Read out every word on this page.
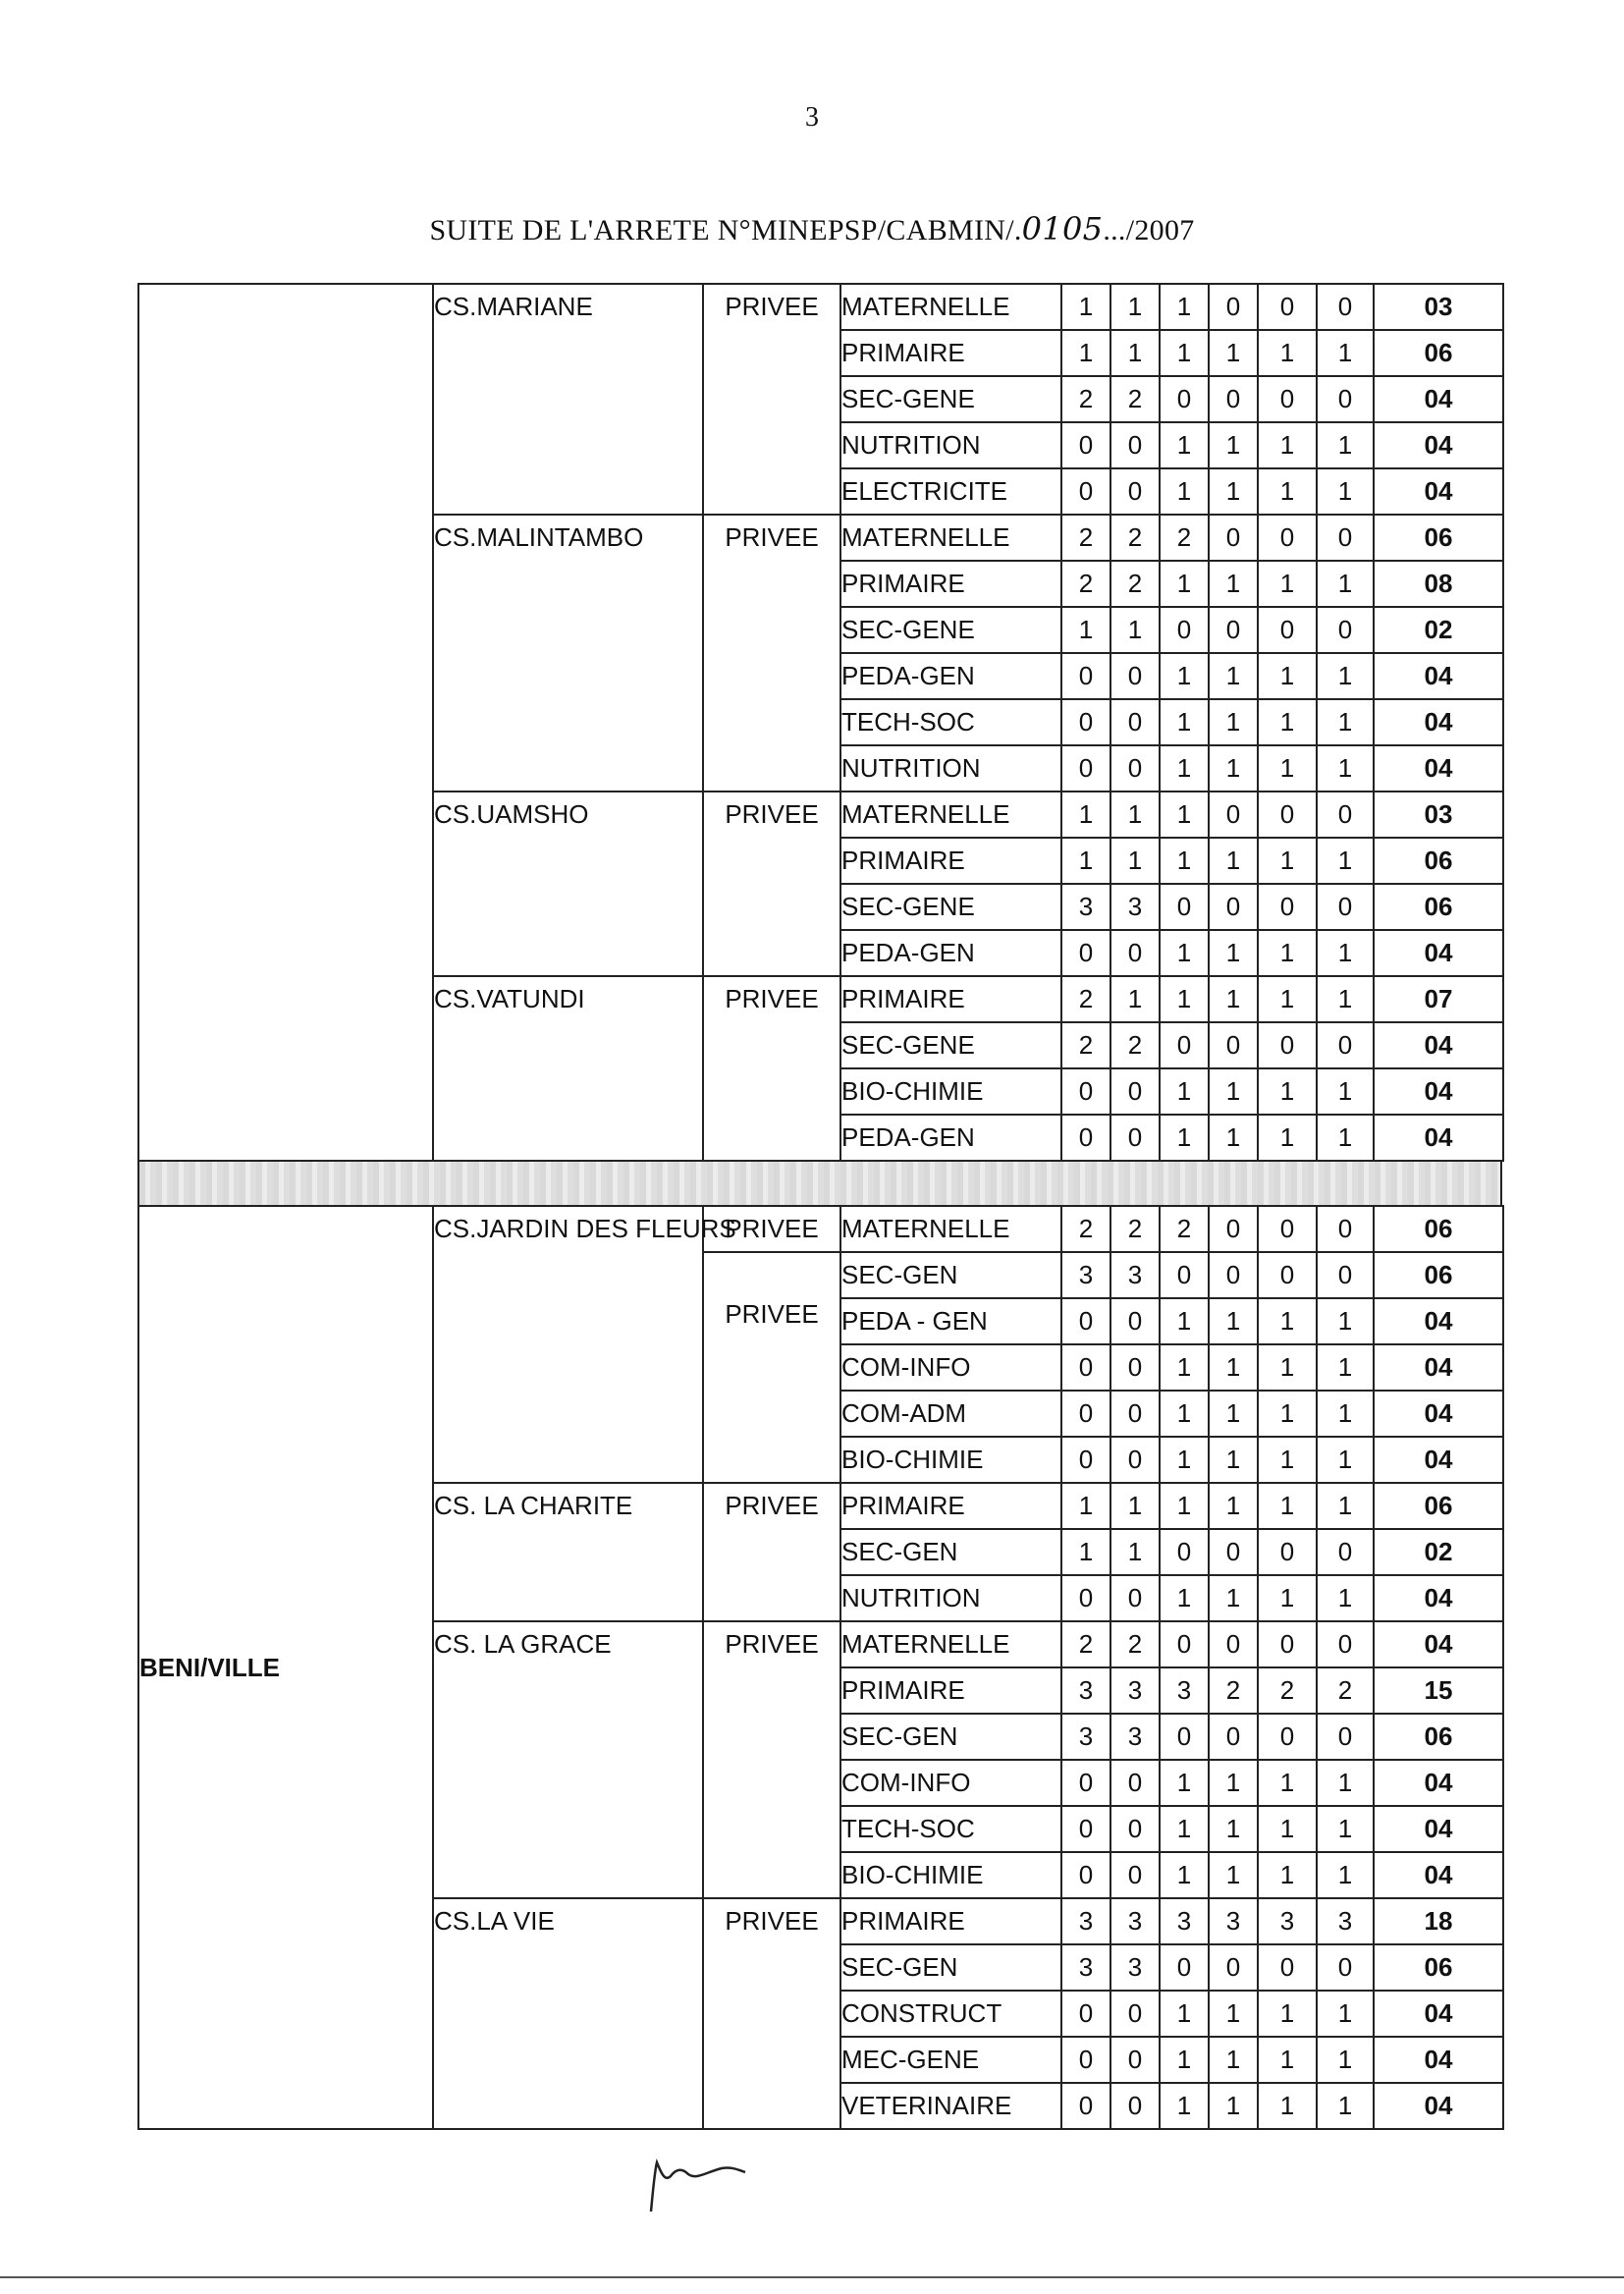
3
SUITE DE L'ARRETE N°MINEPSP/CABMIN/.0105.../2007
	CS.MARIANE	PRIVEE	MATERNELLE	1	1	1	0	0	0	03
			PRIMAIRE	1	1	1	1	1	1	06
			SEC-GENE	2	2	0	0	0	0	04
			NUTRITION	0	0	1	1	1	1	04
			ELECTRICITE	0	0	1	1	1	1	04
	CS.MALINTAMBO	PRIVEE	MATERNELLE	2	2	2	0	0	0	06
			PRIMAIRE	2	2	1	1	1	1	08
			SEC-GENE	1	1	0	0	0	0	02
			PEDA-GEN	0	0	1	1	1	1	04
			TECH-SOC	0	0	1	1	1	1	04
			NUTRITION	0	0	1	1	1	1	04
	CS.UAMSHO	PRIVEE	MATERNELLE	1	1	1	0	0	0	03
			PRIMAIRE	1	1	1	1	1	1	06
			SEC-GENE	3	3	0	0	0	0	06
			PEDA-GEN	0	0	1	1	1	1	04
	CS.VATUNDI	PRIVEE	PRIMAIRE	2	1	1	1	1	1	07
			SEC-GENE	2	2	0	0	0	0	04
			BIO-CHIMIE	0	0	1	1	1	1	04
			PEDA-GEN	0	0	1	1	1	1	04
BENI/VILLE	CS.JARDIN DES FLEURS	PRIVEE	MATERNELLE	2	2	2	0	0	0	06
		PRIVEE	SEC-GEN	3	3	0	0	0	0	06
			PEDA - GEN	0	0	1	1	1	1	04
			COM-INFO	0	0	1	1	1	1	04
			COM-ADM	0	0	1	1	1	1	04
			BIO-CHIMIE	0	0	1	1	1	1	04
	CS. LA CHARITE	PRIVEE	PRIMAIRE	1	1	1	1	1	1	06
			SEC-GEN	1	1	0	0	0	0	02
			NUTRITION	0	0	1	1	1	1	04
	CS. LA GRACE	PRIVEE	MATERNELLE	2	2	0	0	0	0	04
			PRIMAIRE	3	3	3	2	2	2	15
			SEC-GEN	3	3	0	0	0	0	06
			COM-INFO	0	0	1	1	1	1	04
			TECH-SOC	0	0	1	1	1	1	04
			BIO-CHIMIE	0	0	1	1	1	1	04
	CS.LA VIE	PRIVEE	PRIMAIRE	3	3	3	3	3	3	18
			SEC-GEN	3	3	0	0	0	0	06
			CONSTRUCT	0	0	1	1	1	1	04
			MEC-GENE	0	0	1	1	1	1	04
			VETERINAIRE	0	0	1	1	1	1	04
